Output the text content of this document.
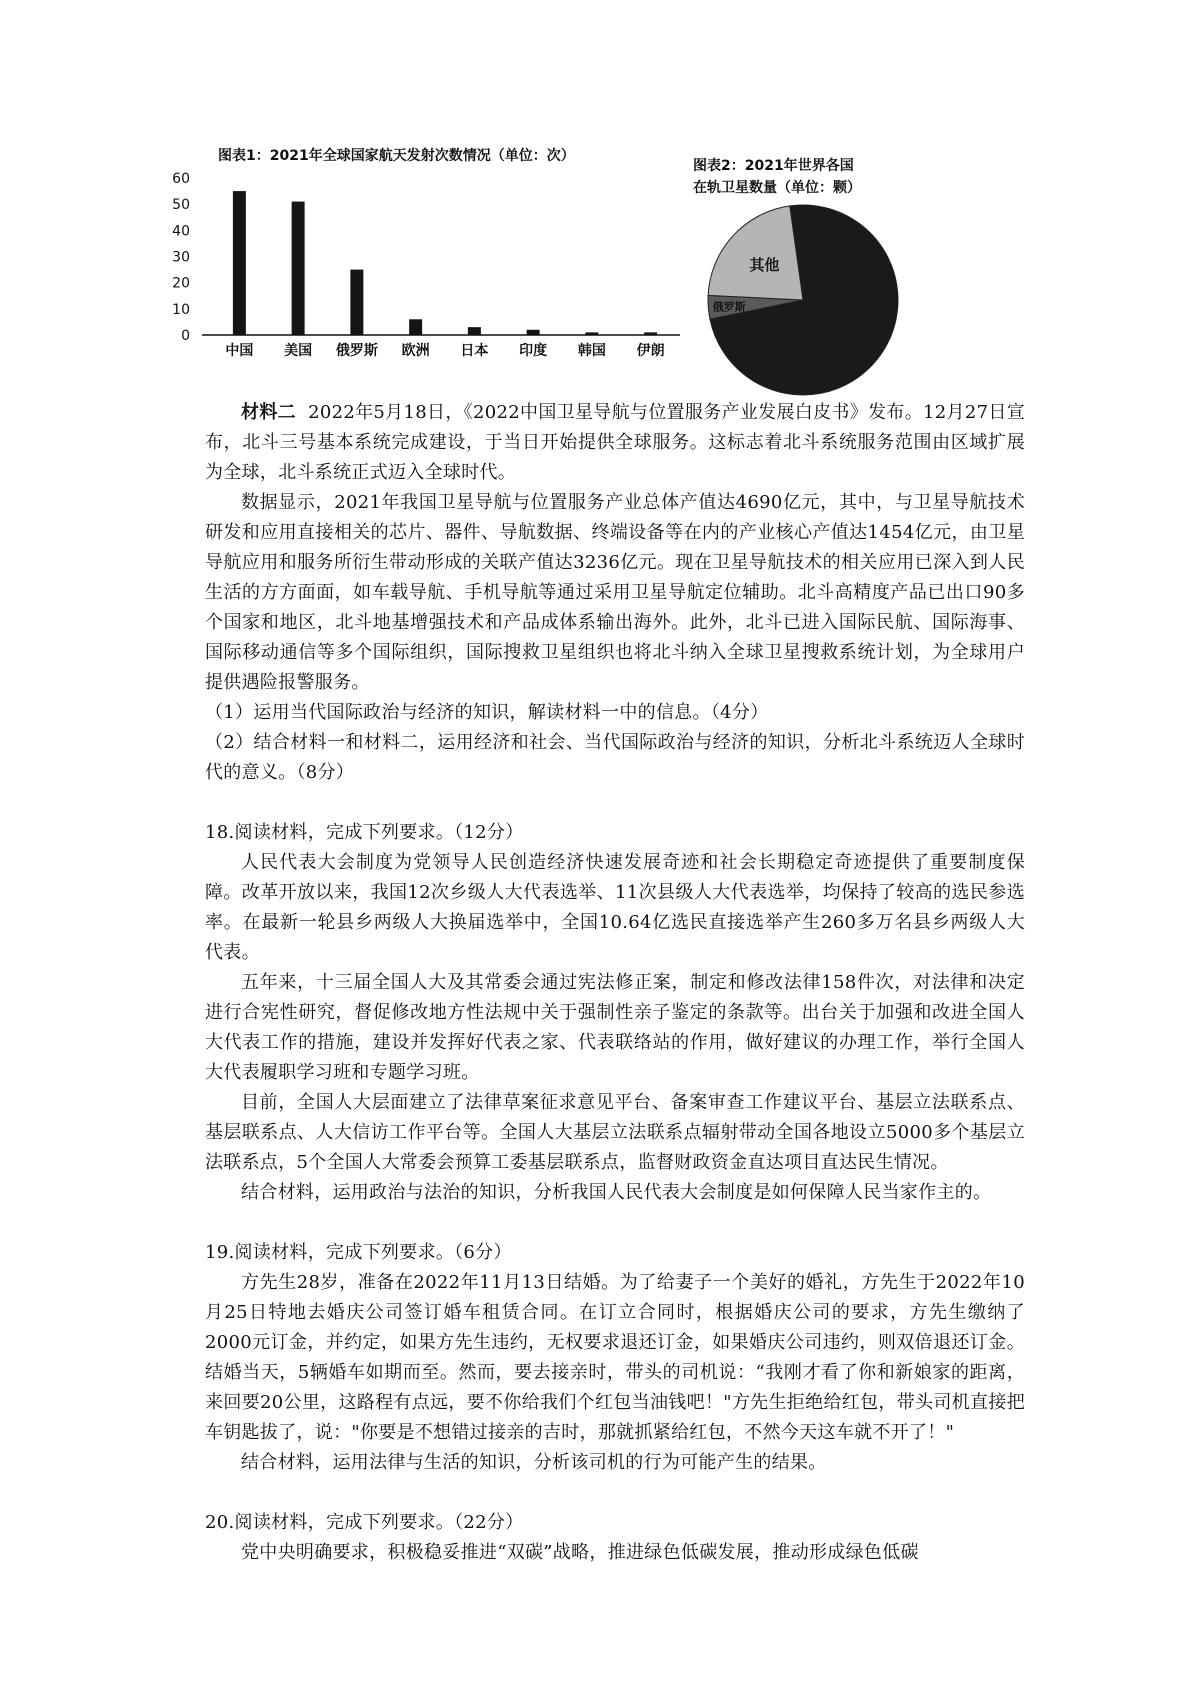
图表1：2021年全球国家航天发射次数情况（单位：次）
0
10
20
30
40
50
60
中国 美国 俄罗斯 欧洲 日本 印度 韩国 伊朗
图表2：2021年世界各国
在轨卫星数量（单位：颗）
俄罗斯
其他

材料二 2022年5月18日，《2022中国卫星导航与位置服务产业发展白皮书》发布。12月27日宣布，北斗三号基本系统完成建设，于当日开始提供全球服务。这标志着北斗系统服务范围由区域扩展为全球，北斗系统正式迈入全球时代。

数据显示，2021年我国卫星导航与位置服务产业总体产值达4690亿元，其中，与卫星导航技术研发和应用直接相关的芯片、器件、导航数据、终端设备等在内的产业核心产值达1454亿元，由卫星导航应用和服务所衍生带动形成的关联产值达3236亿元。现在卫星导航技术的相关应用已深入到人民生活的方方面面，如车载导航、手机导航等通过采用卫星导航定位辅助。北斗高精度产品已出口90多个国家和地区，北斗地基增强技术和产品成体系输出海外。此外，北斗已进入国际民航、国际海事、国际移动通信等多个国际组织，国际搜救卫星组织也将北斗纳入全球卫星搜救系统计划，为全球用户提供遇险报警服务。

（1）运用当代国际政治与经济的知识，解读材料一中的信息。（4分）

（2）结合材料一和材料二，运用经济和社会、当代国际政治与经济的知识，分析北斗系统迈人全球时代的意义。（8分）

18.阅读材料，完成下列要求。（12分）

人民代表大会制度为党领导人民创造经济快速发展奇迹和社会长期稳定奇迹提供了重要制度保障。改革开放以来，我国12次乡级人大代表选举、11次县级人大代表选举，均保持了较高的选民参选率。在最新一轮县乡两级人大换届选举中，全国10.64亿选民直接选举产生260多万名县乡两级人大代表。

五年来，十三届全国人大及其常委会通过宪法修正案，制定和修改法律158件次，对法律和决定进行合宪性研究，督促修改地方性法规中关于强制性亲子鉴定的条款等。出台关于加强和改进全国人大代表工作的措施，建设并发挥好代表之家、代表联络站的作用，做好建议的办理工作，举行全国人大代表履职学习班和专题学习班。

目前，全国人大层面建立了法律草案征求意见平台、备案审查工作建议平台、基层立法联系点、基层联系点、人大信访工作平台等。全国人大基层立法联系点辐射带动全国各地设立5000多个基层立法联系点，5个全国人大常委会预算工委基层联系点，监督财政资金直达项目直达民生情况。

结合材料，运用政治与法治的知识，分析我国人民代表大会制度是如何保障人民当家作主的。

19.阅读材料，完成下列要求。（6分）

方先生28岁，准备在2022年11月13日结婚。为了给妻子一个美好的婚礼，方先生于2022年10月25日特地去婚庆公司签订婚车租赁合同。在订立合同时，根据婚庆公司的要求，方先生缴纳了2000元订金，并约定，如果方先生违约，无权要求退还订金，如果婚庆公司违约，则双倍退还订金。结婚当天，5辆婚车如期而至。然而，要去接亲时，带头的司机说：“我刚才看了你和新娘家的距离，来回要20公里，这路程有点远，要不你给我们个红包当油钱吧！"方先生拒绝给红包，带头司机直接把车钥匙拔了，说："你要是不想错过接亲的吉时，那就抓紧给红包，不然今天这车就不开了！"

结合材料，运用法律与生活的知识，分析该司机的行为可能产生的结果。

20.阅读材料，完成下列要求。（22分）

党中央明确要求，积极稳妥推进“双碳”战略，推进绿色低碳发展，推动形成绿色低碳
